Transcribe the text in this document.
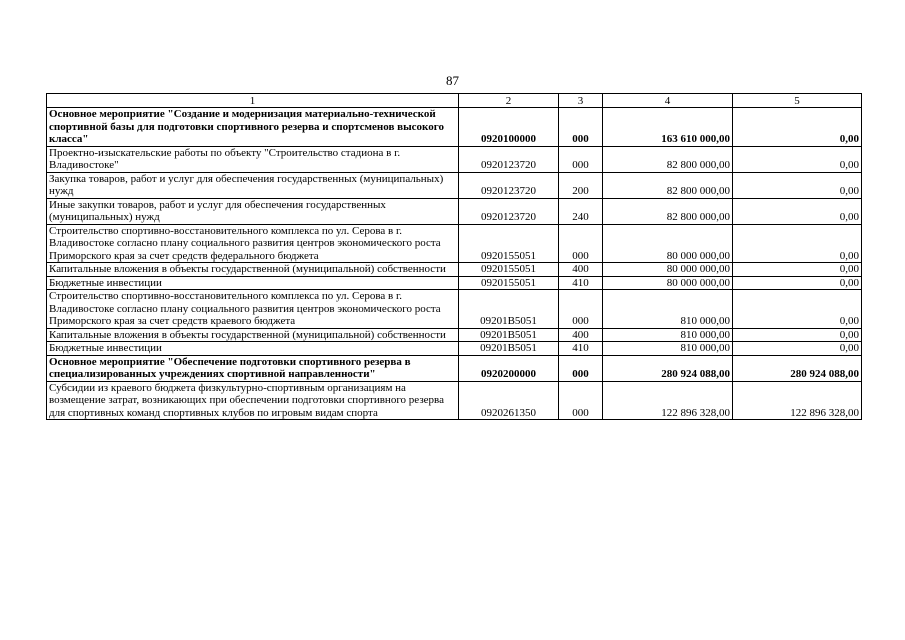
87
1	2	3	4	5
Основное мероприятие "Создание и модернизация материально-технической спортивной базы для подготовки спортивного резерва и спортсменов высокого класса"	0920100000	000	163 610 000,00	0,00
Проектно-изыскательские работы по объекту "Строительство стадиона в г. Владивостоке"	0920123720	000	82 800 000,00	0,00
Закупка товаров, работ и услуг для обеспечения государственных (муниципальных) нужд	0920123720	200	82 800 000,00	0,00
Иные закупки товаров, работ и услуг для обеспечения государственных (муниципальных) нужд	0920123720	240	82 800 000,00	0,00
Строительство спортивно-восстановительного комплекса по ул. Серова в г. Владивостоке согласно плану социального развития центров экономического роста Приморского края за счет средств федерального бюджета	0920155051	000	80 000 000,00	0,00
Капитальные вложения в объекты государственной (муниципальной) собственности	0920155051	400	80 000 000,00	0,00
Бюджетные инвестиции	0920155051	410	80 000 000,00	0,00
Строительство спортивно-восстановительного комплекса по ул. Серова в г. Владивостоке согласно плану социального развития центров экономического роста Приморского края за счет средств краевого бюджета	09201B5051	000	810 000,00	0,00
Капитальные вложения в объекты государственной (муниципальной) собственности	09201B5051	400	810 000,00	0,00
Бюджетные инвестиции	09201B5051	410	810 000,00	0,00
Основное мероприятие "Обеспечение подготовки спортивного резерва в специализированных учреждениях спортивной направленности"	0920200000	000	280 924 088,00	280 924 088,00
Субсидии из краевого бюджета физкультурно-спортивным организациям на возмещение затрат, возникающих при обеспечении подготовки спортивного резерва для спортивных команд спортивных клубов по игровым видам спорта	0920261350	000	122 896 328,00	122 896 328,00
